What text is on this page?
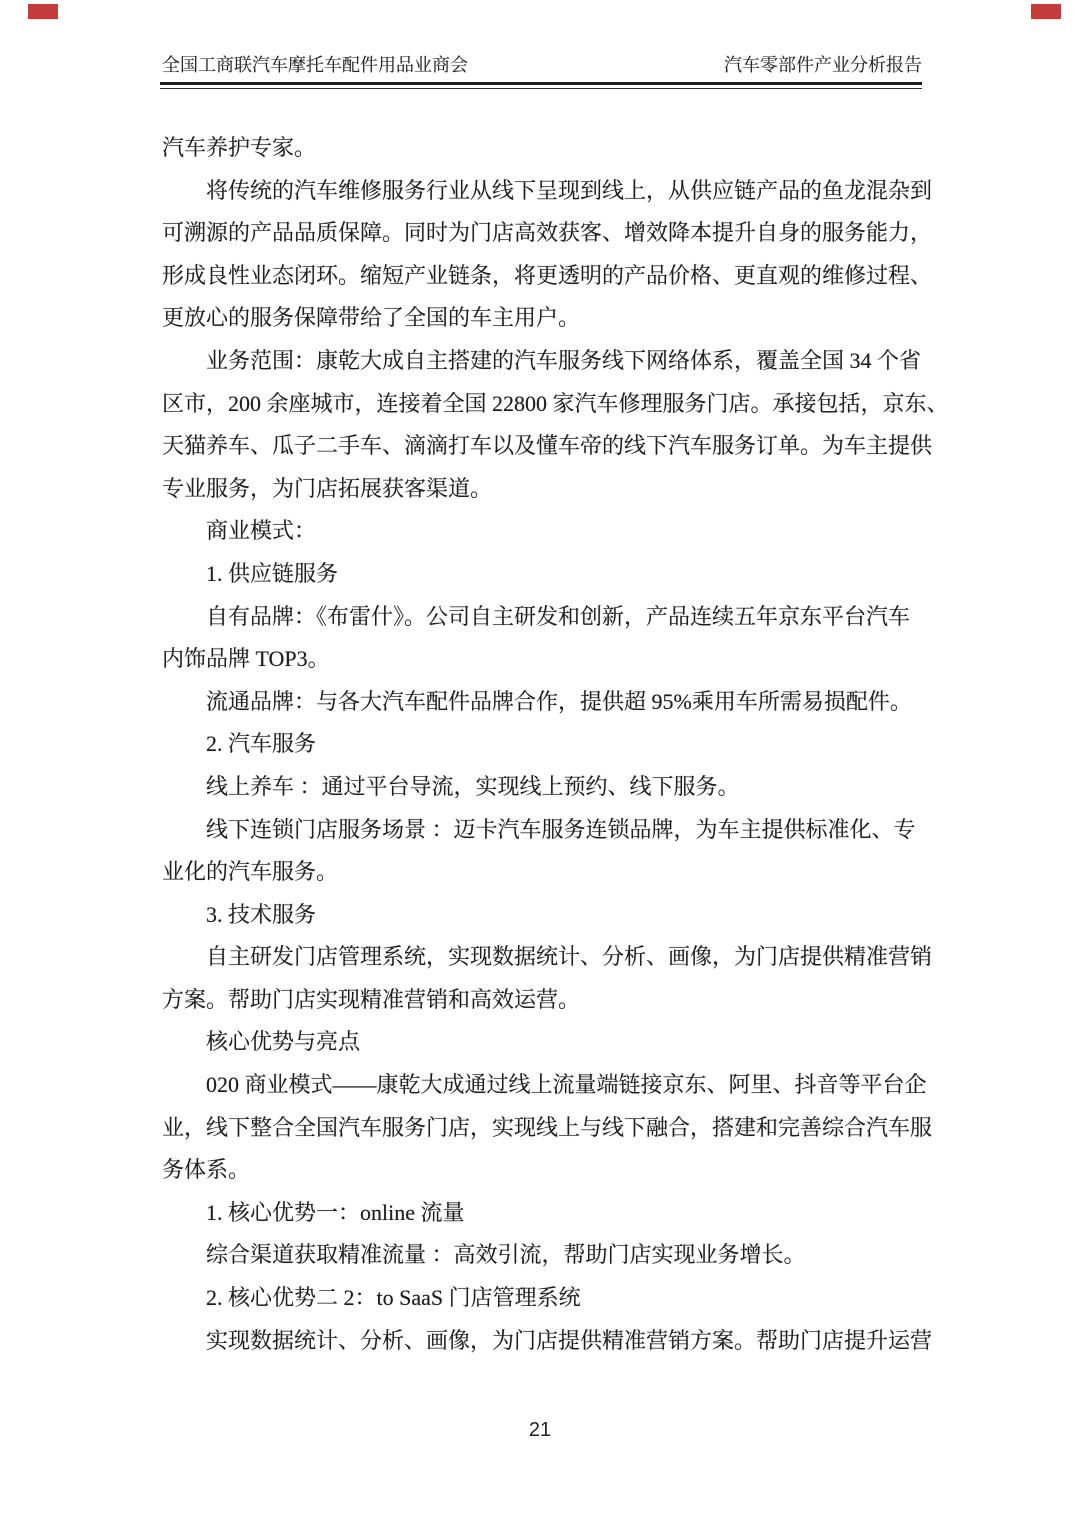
全国工商联汽车摩托车配件用品业商会	汽车零部件产业分析报告
汽车养护专家。
将传统的汽车维修服务行业从线下呈现到线上，从供应链产品的鱼龙混杂到
可溯源的产品品质保障。同时为门店高效获客、增效降本提升自身的服务能力，
形成良性业态闭环。缩短产业链条，将更透明的产品价格、更直观的维修过程、
更放心的服务保障带给了全国的车主用户。
业务范围：康乾大成自主搭建的汽车服务线下网络体系，覆盖全国 34 个省
区市，200 余座城市，连接着全国 22800 家汽车修理服务门店。承接包括，京东、
天猫养车、瓜子二手车、滴滴打车以及懂车帝的线下汽车服务订单。为车主提供
专业服务，为门店拓展获客渠道。
商业模式：
1. 供应链服务
自有品牌：《布雷什》。公司自主研发和创新，产品连续五年京东平台汽车
内饰品牌 TOP3。
流通品牌：与各大汽车配件品牌合作，提供超 95%乘用车所需易损配件。
2. 汽车服务
线上养车 ：通过平台导流，实现线上预约、线下服务。
线下连锁门店服务场景 ：迈卡汽车服务连锁品牌，为车主提供标准化、专
业化的汽车服务。
3. 技术服务
自主研发门店管理系统，实现数据统计、分析、画像，为门店提供精准营销
方案。帮助门店实现精准营销和高效运营。
核心优势与亮点
020 商业模式——康乾大成通过线上流量端链接京东、阿里、抖音等平台企
业，线下整合全国汽车服务门店，实现线上与线下融合，搭建和完善综合汽车服
务体系。
1. 核心优势一：online 流量
综合渠道获取精准流量 ：高效引流，帮助门店实现业务增长。
2. 核心优势二 2：to SaaS 门店管理系统
实现数据统计、分析、画像，为门店提供精准营销方案。帮助门店提升运营
21
